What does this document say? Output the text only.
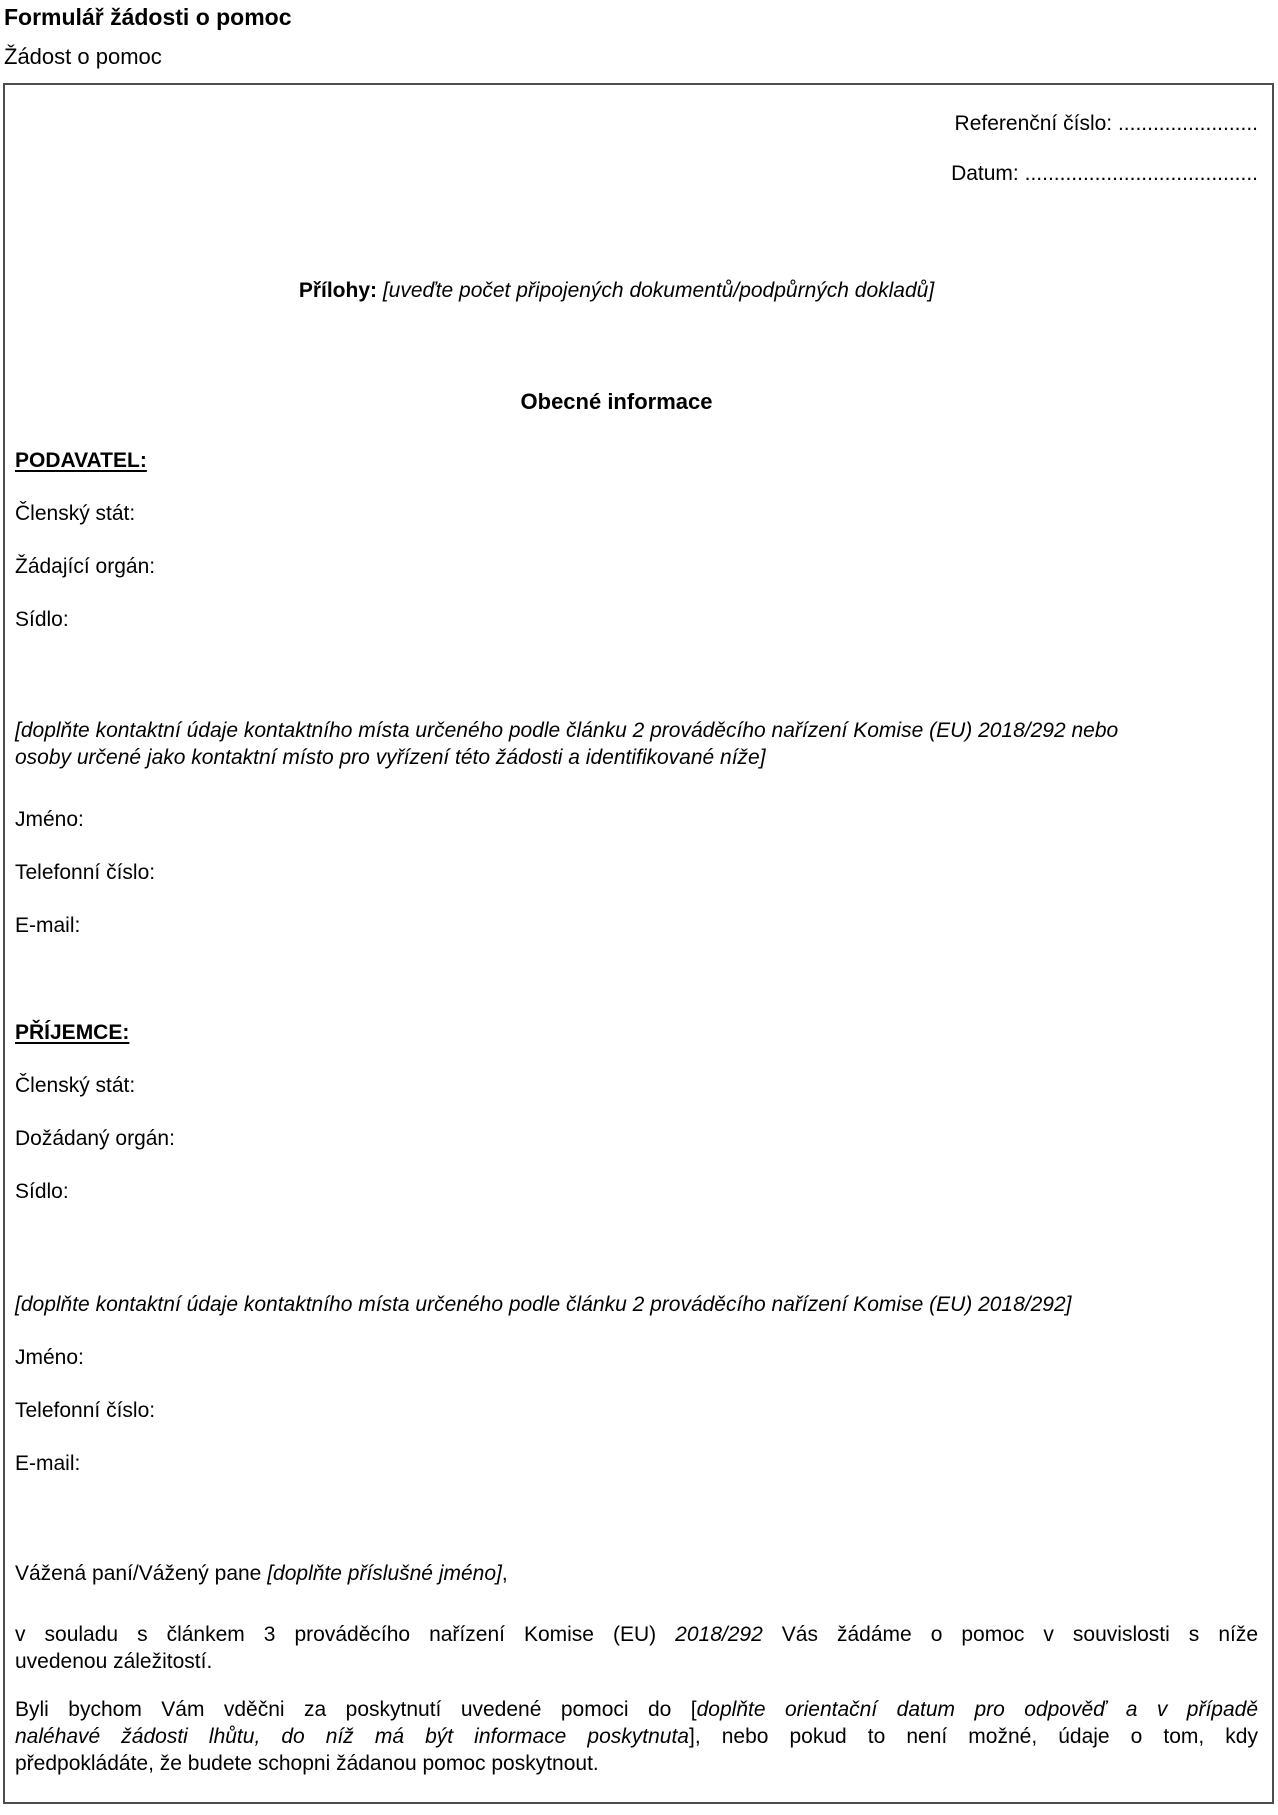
Formulář žádosti o pomoc
Žádost o pomoc
Referenční číslo: ........................
Datum: ........................................
Přílohy: [uveďte počet připojených dokumentů/podpůrných dokladů]
Obecné informace
PODAVATEL:
Členský stát:
Žádající orgán:
Sídlo:
[doplňte kontaktní údaje kontaktního místa určeného podle článku 2 prováděcího nařízení Komise (EU) 2018/292 nebo
osoby určené jako kontaktní místo pro vyřízení této žádosti a identifikované níže]
Jméno:
Telefonní číslo:
E-mail:
PŘÍJEMCE:
Členský stát:
Dožádaný orgán:
Sídlo:
[doplňte kontaktní údaje kontaktního místa určeného podle článku 2 prováděcího nařízení Komise (EU) 2018/292]
Jméno:
Telefonní číslo:
E-mail:
Vážená paní/Vážený pane [doplňte příslušné jméno],
v souladu s článkem 3 prováděcího nařízení Komise (EU) 2018/292 Vás žádáme o pomoc v souvislosti s níže
uvedenou záležitostí.
Byli bychom Vám vděčni za poskytnutí uvedené pomoci do [doplňte orientační datum pro odpověď a v případě
naléhavé žádosti lhůtu, do níž má být informace poskytnuta], nebo pokud to není možné, údaje o tom, kdy
předpokládáte, že budete schopni žádanou pomoc poskytnout.
